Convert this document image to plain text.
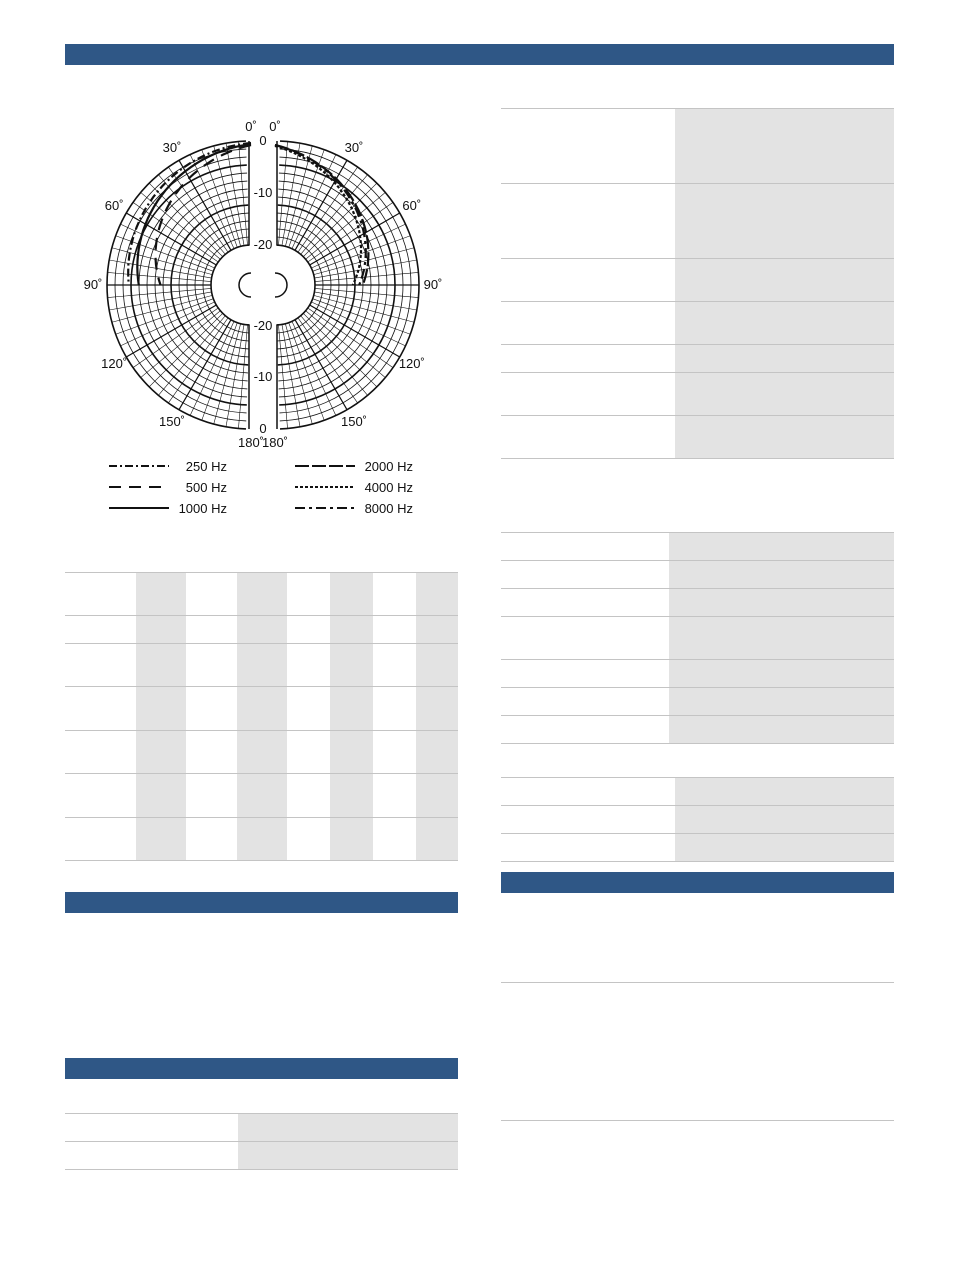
0˚ 0˚
30˚	30˚
60˚	60˚
90˚	90˚
120˚	120˚
150˚	150˚
180˚
180˚
0
-10
-20
-20
-10
0
250 Hz
500 Hz
1000 Hz
2000 Hz
4000 Hz
8000 Hz
